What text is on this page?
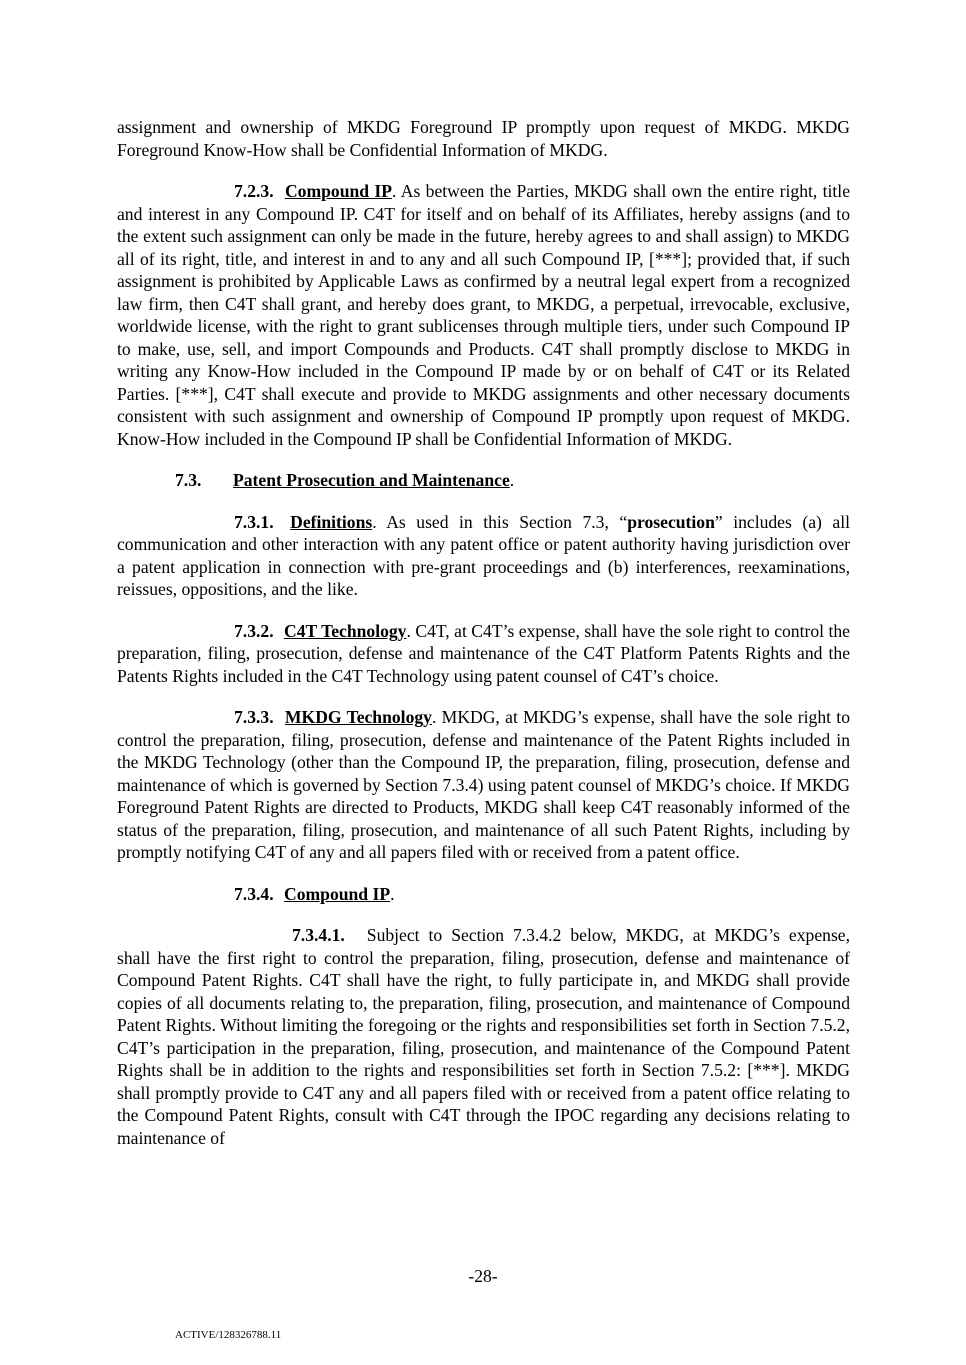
assignment and ownership of MKDG Foreground IP promptly upon request of MKDG. MKDG Foreground Know-How shall be Confidential Information of MKDG.

7.2.3. Compound IP. As between the Parties, MKDG shall own the entire right, title and interest in any Compound IP. C4T for itself and on behalf of its Affiliates, hereby assigns (and to the extent such assignment can only be made in the future, hereby agrees to and shall assign) to MKDG all of its right, title, and interest in and to any and all such Compound IP, [***]; provided that, if such assignment is prohibited by Applicable Laws as confirmed by a neutral legal expert from a recognized law firm, then C4T shall grant, and hereby does grant, to MKDG, a perpetual, irrevocable, exclusive, worldwide license, with the right to grant sublicenses through multiple tiers, under such Compound IP to make, use, sell, and import Compounds and Products. C4T shall promptly disclose to MKDG in writing any Know-How included in the Compound IP made by or on behalf of C4T or its Related Parties. [***], C4T shall execute and provide to MKDG assignments and other necessary documents consistent with such assignment and ownership of Compound IP promptly upon request of MKDG. Know-How included in the Compound IP shall be Confidential Information of MKDG.

7.3. Patent Prosecution and Maintenance.

7.3.1. Definitions. As used in this Section 7.3, “prosecution” includes (a) all communication and other interaction with any patent office or patent authority having jurisdiction over a patent application in connection with pre-grant proceedings and (b) interferences, reexaminations, reissues, oppositions, and the like.

7.3.2. C4T Technology. C4T, at C4T’s expense, shall have the sole right to control the preparation, filing, prosecution, defense and maintenance of the C4T Platform Patents Rights and the Patents Rights included in the C4T Technology using patent counsel of C4T’s choice.

7.3.3. MKDG Technology. MKDG, at MKDG’s expense, shall have the sole right to control the preparation, filing, prosecution, defense and maintenance of the Patent Rights included in the MKDG Technology (other than the Compound IP, the preparation, filing, prosecution, defense and maintenance of which is governed by Section 7.3.4) using patent counsel of MKDG’s choice. If MKDG Foreground Patent Rights are directed to Products, MKDG shall keep C4T reasonably informed of the status of the preparation, filing, prosecution, and maintenance of all such Patent Rights, including by promptly notifying C4T of any and all papers filed with or received from a patent office.

7.3.4. Compound IP.

7.3.4.1. Subject to Section 7.3.4.2 below, MKDG, at MKDG’s expense, shall have the first right to control the preparation, filing, prosecution, defense and maintenance of Compound Patent Rights. C4T shall have the right, to fully participate in, and MKDG shall provide copies of all documents relating to, the preparation, filing, prosecution, and maintenance of Compound Patent Rights. Without limiting the foregoing or the rights and responsibilities set forth in Section 7.5.2, C4T’s participation in the preparation, filing, prosecution, and maintenance of the Compound Patent Rights shall be in addition to the rights and responsibilities set forth in Section 7.5.2: [***]. MKDG shall promptly provide to C4T any and all papers filed with or received from a patent office relating to the Compound Patent Rights, consult with C4T through the IPOC regarding any decisions relating to maintenance of

-28-
ACTIVE/128326788.11
